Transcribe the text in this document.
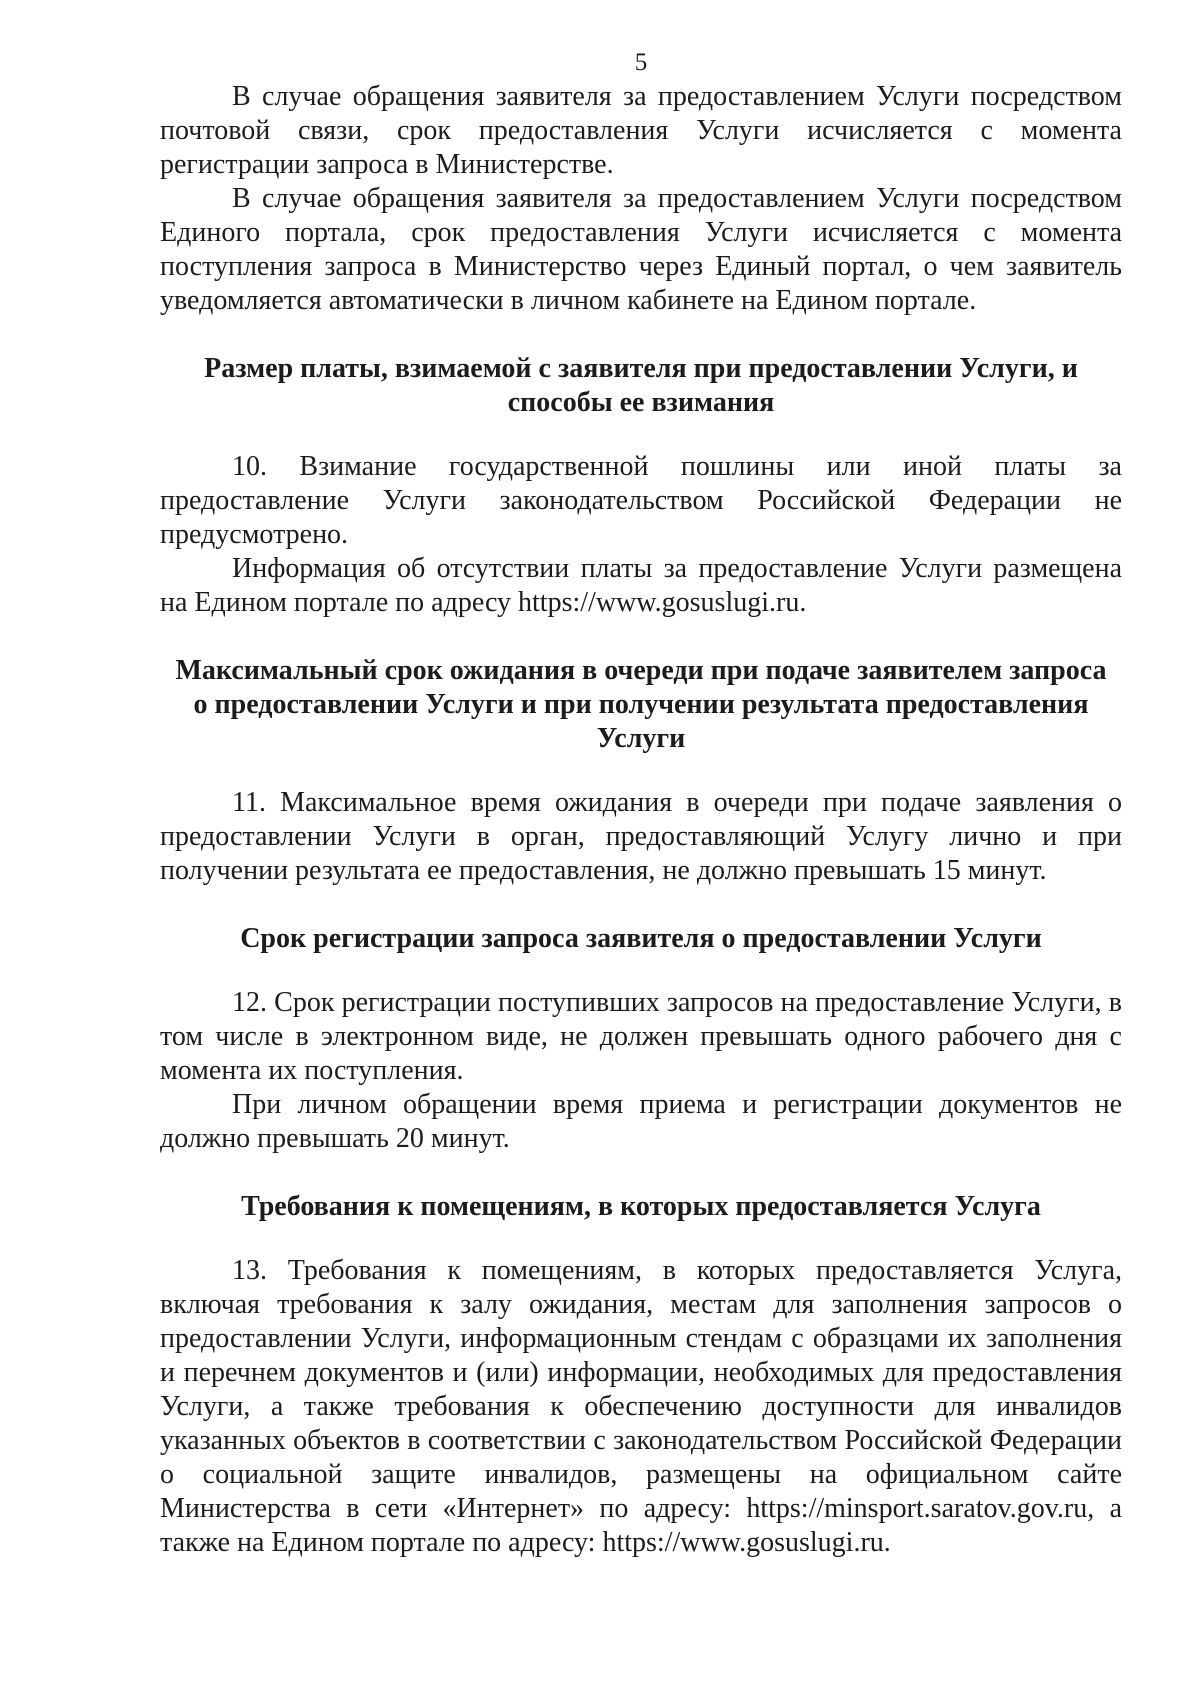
5

В случае обращения заявителя за предоставлением Услуги посредством почтовой связи, срок предоставления Услуги исчисляется с момента регистрации запроса в Министерстве.

В случае обращения заявителя за предоставлением Услуги посредством Единого портала, срок предоставления Услуги исчисляется с момента поступления запроса в Министерство через Единый портал, о чем заявитель уведомляется автоматически в личном кабинете на Едином портале.

Размер платы, взимаемой с заявителя при предоставлении Услуги, и способы ее взимания

10. Взимание государственной пошлины или иной платы за предоставление Услуги законодательством Российской Федерации не предусмотрено.

Информация об отсутствии платы за предоставление Услуги размещена на Едином портале по адресу https://www.gosuslugi.ru.

Максимальный срок ожидания в очереди при подаче заявителем запроса о предоставлении Услуги и при получении результата предоставления Услуги

11. Максимальное время ожидания в очереди при подаче заявления о предоставлении Услуги в орган, предоставляющий Услугу лично и при получении результата ее предоставления, не должно превышать 15 минут.

Срок регистрации запроса заявителя о предоставлении Услуги

12. Срок регистрации поступивших запросов на предоставление Услуги, в том числе в электронном виде, не должен превышать одного рабочего дня с момента их поступления.

При личном обращении время приема и регистрации документов не должно превышать 20 минут.

Требования к помещениям, в которых предоставляется Услуга

13. Требования к помещениям, в которых предоставляется Услуга, включая требования к залу ожидания, местам для заполнения запросов о предоставлении Услуги, информационным стендам с образцами их заполнения и перечнем документов и (или) информации, необходимых для предоставления Услуги, а также требования к обеспечению доступности для инвалидов указанных объектов в соответствии с законодательством Российской Федерации о социальной защите инвалидов, размещены на официальном сайте Министерства в сети «Интернет» по адресу: https://minsport.saratov.gov.ru, а также на Едином портале по адресу: https://www.gosuslugi.ru.
